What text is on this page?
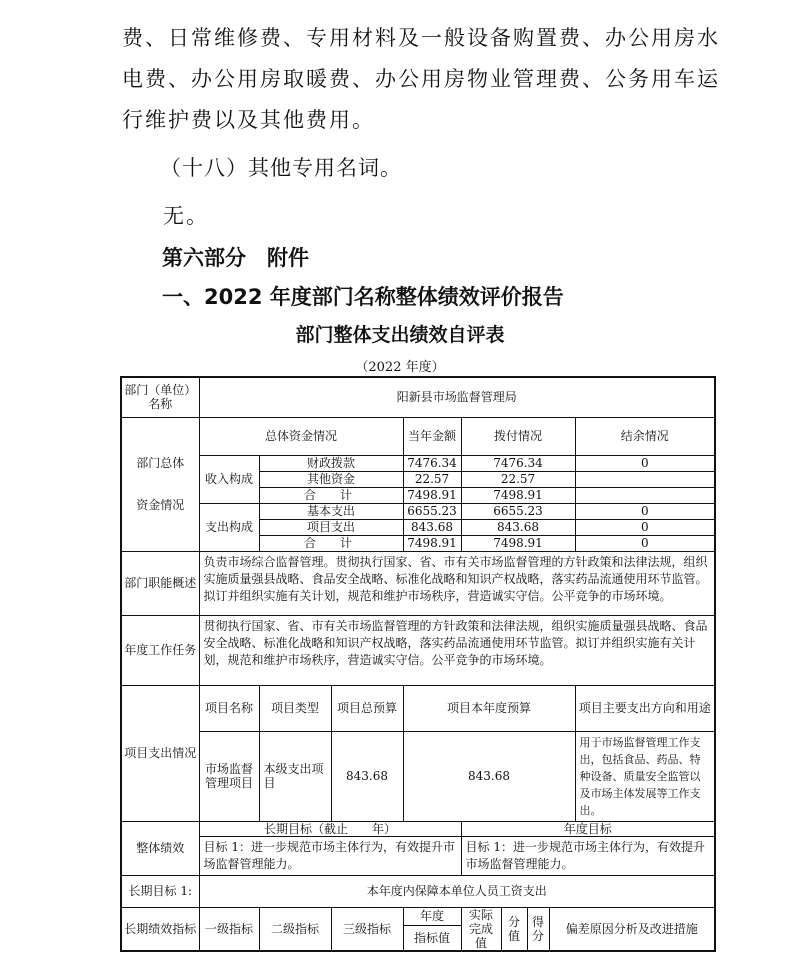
费、日常维修费、专用材料及一般设备购置费、办公用房水
电费、办公用房取暖费、办公用房物业管理费、公务用车运
行维护费以及其他费用。
（十八）其他专用名词。
无。
第六部分　附件
一、2022 年度部门名称整体绩效评价报告
部门整体支出绩效自评表
（2022 年度）
部门（单位）名称	阳新县市场监督管理局								
部门总体

资金情况	总体资金情况			当年金额	拨付情况				结余情况
	收入构成	财政拨款		7476.34	7476.34				0
		其他资金		22.57	22.57				
		合　计		7498.91	7498.91				
	支出构成	基本支出		6655.23	6655.23				0
		项目支出		843.68	843.68				0
		合　计		7498.91	7498.91				0
部门职能概述	负责市场综合监督管理。贯彻执行国家、省、市有关市场监督管理的方针政策和法律法规，组织实施质量强县战略、食品安全战略、标准化战略和知识产权战略，落实药品流通使用环节监管。拟订并组织实施有关计划，规范和维护市场秩序，营造诚实守信。公平竞争的市场环境。								
年度工作任务	贯彻执行国家、省、市有关市场监督管理的方针政策和法律法规，组织实施质量强县战略、食品安全战略、标准化战略和知识产权战略，落实药品流通使用环节监管。拟订并组织实施有关计划，规范和维护市场秩序，营造诚实守信。公平竞争的市场环境。								
项目支出情况	项目名称	项目类型	项目总预算	项目本年度预算					项目主要支出方向和用途
	市场监督管理项目	本级支出项目	843.68	843.68					用于市场监督管理工作支出，包括食品、药品、特种设备、质量安全监管以及市场主体发展等工作支出。
整体绩效	长期目标（截止　　年）				年度目标				
	目标 1：进一步规范市场主体行为，有效提升市场监督管理能力。				目标 1：进一步规范市场主体行为，有效提升市场监督管理能力。				
长期目标 1:	本年度内保障本单位人员工资支出								
长期绩效指标	一级指标	二级指标	三级指标	年度	实际完成值	分值	得分	偏差原因分析及改进措施	
				指标值					
